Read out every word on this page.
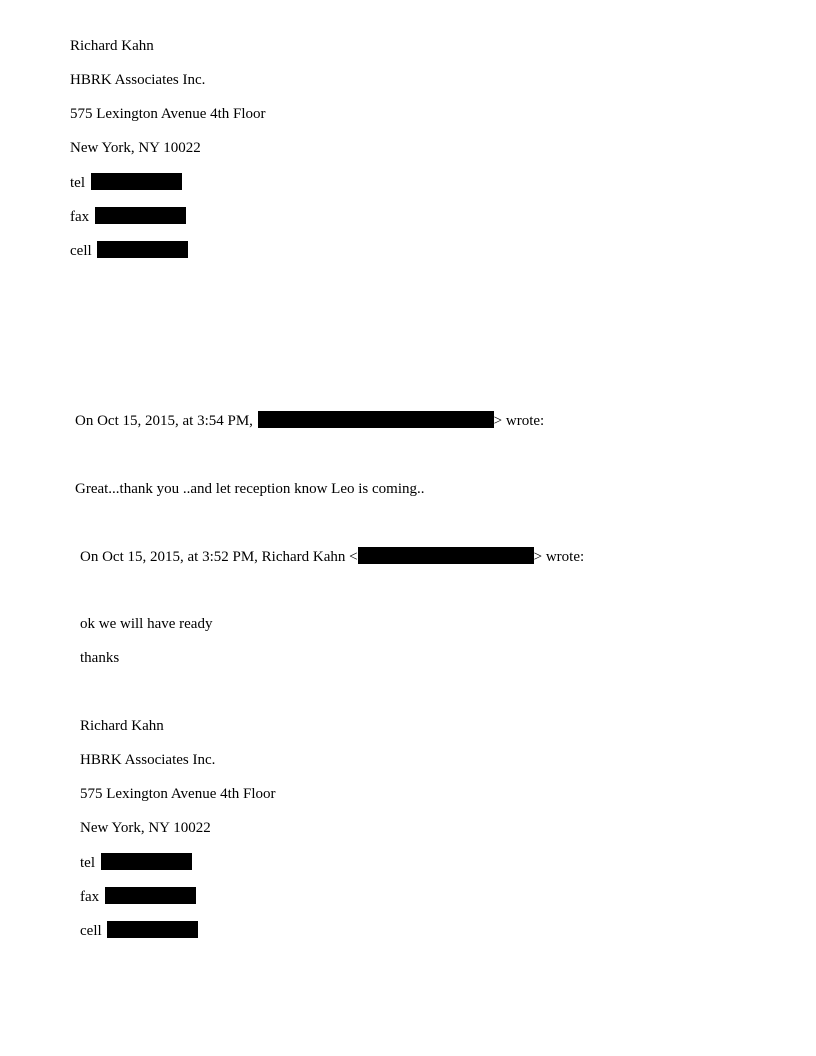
Richard Kahn
HBRK Associates Inc.
575 Lexington Avenue 4th Floor
New York, NY 10022
tel
fax
cell
On Oct 15, 2015, at 3:54 PM,	> wrote:
Great...thank you ..and let reception know Leo is coming..
On Oct 15, 2015, at 3:52 PM, Richard Kahn <	> wrote:
ok we will have ready
thanks
Richard Kahn
HBRK Associates Inc.
575 Lexington Avenue 4th Floor
New York, NY 10022
tel
fax
cell
